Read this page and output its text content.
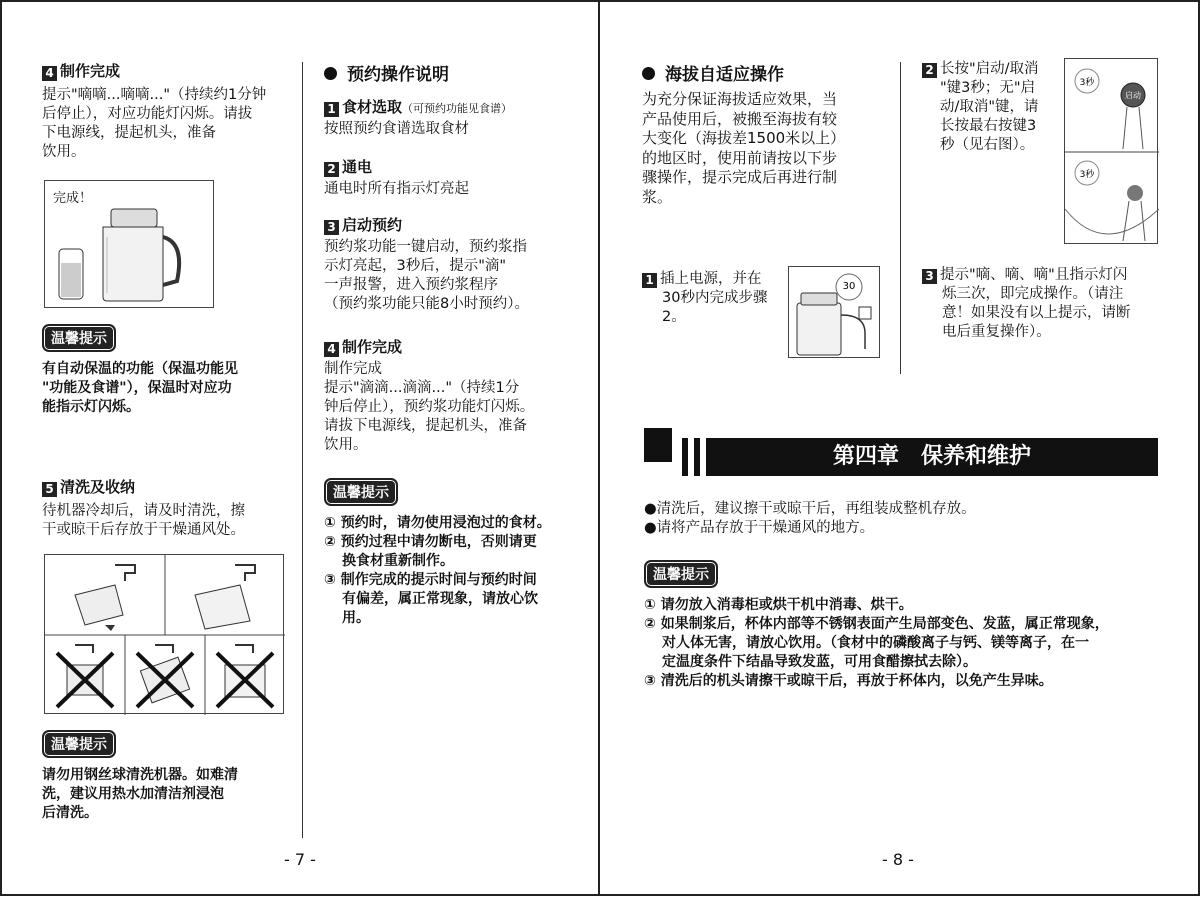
4 制作完成
提示"嘀嘀...嘀嘀..."（持续约1分钟
后停止），对应功能灯闪烁。请拔
下电源线，提起机头，准备
饮用。
完成！
温馨提示
有自动保温的功能（保温功能见
"功能及食谱"），保温时对应功
能指示灯闪烁。
5 清洗及收纳
待机器冷却后，请及时清洗，擦
干或晾干后存放于干燥通风处。
温馨提示
请勿用钢丝球清洗机器。如难清
洗，建议用热水加清洁剂浸泡
后清洗。
预约操作说明
1 食材选取（可预约功能见食谱）
按照预约食谱选取食材
2 通电
通电时所有指示灯亮起
3 启动预约
预约浆功能一键启动，预约浆指
示灯亮起，3秒后，提示"滴"
一声报警，进入预约浆程序
（预约浆功能只能8小时预约）。
4 制作完成
制作完成
提示"滴滴...滴滴..."（持续1分
钟后停止），预约浆功能灯闪烁。
请拔下电源线，提起机头，准备
饮用。
温馨提示
① 预约时，请勿使用浸泡过的食材。
② 预约过程中请勿断电，否则请更
换食材重新制作。
③ 制作完成的提示时间与预约时间
有偏差，属正常现象，请放心饮
用。
- 7 -
海拔自适应操作
为充分保证海拔适应效果，当
产品使用后，被搬至海拔有较
大变化（海拔差1500米以上）
的地区时，使用前请按以下步
骤操作，提示完成后再进行制
浆。
1 插上电源，并在
30秒内完成步骤
2。
30
2 长按"启动/取消
"键3秒；无"启
动/取消"键，请
长按最右按键3
秒（见右图）。
3秒
启动
3秒
3 提示"嘀、嘀、嘀"且指示灯闪
烁三次，即完成操作。（请注
意！如果没有以上提示，请断
电后重复操作）。
第四章　保养和维护
●清洗后，建议擦干或晾干后，再组装成整机存放。
●请将产品存放于干燥通风的地方。
温馨提示
① 请勿放入消毒柜或烘干机中消毒、烘干。
② 如果制浆后，杯体内部等不锈钢表面产生局部变色、发蓝，属正常现象，
对人体无害，请放心饮用。（食材中的磷酸离子与钙、镁等离子，在一
定温度条件下结晶导致发蓝，可用食醋擦拭去除）。
③ 清洗后的机头请擦干或晾干后，再放于杯体内，以免产生异味。
- 8 -
